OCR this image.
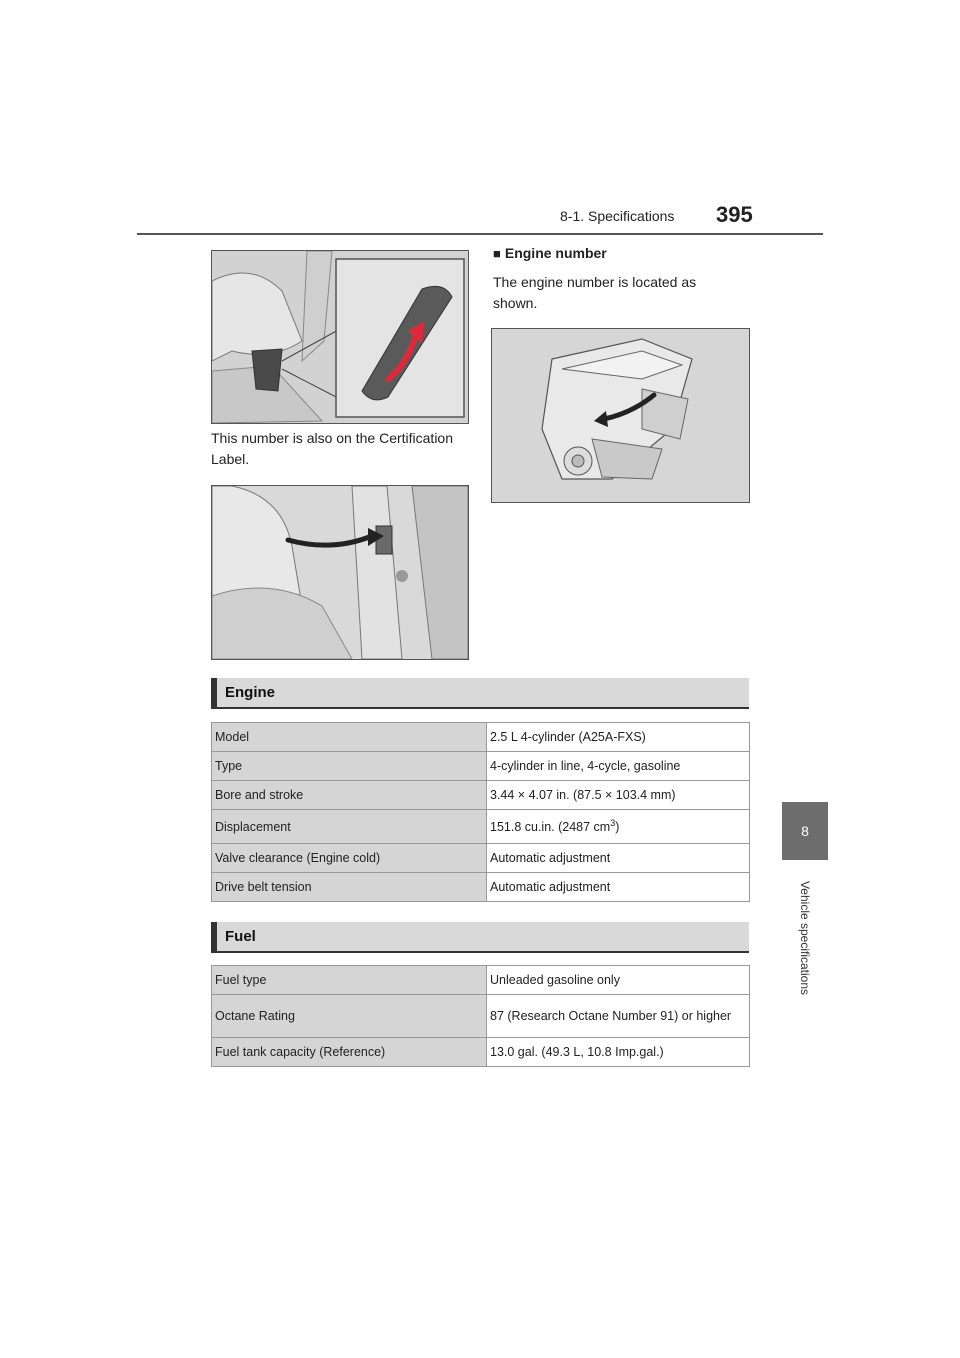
8-1. Specifications 395
8
Vehicle specifications
This number is also on the Certification Label.
■ Engine number
The engine number is located as shown.
Engine
Model	2.5 L 4-cylinder (A25A-FXS)
Type	4-cylinder in line, 4-cycle, gasoline
Bore and stroke	3.44 × 4.07 in. (87.5 × 103.4 mm)
Displacement	151.8 cu.in. (2487 $cm^3$)
Valve clearance (Engine cold)	Automatic adjustment
Drive belt tension	Automatic adjustment
Fuel
Fuel type	Unleaded gasoline only
Octane Rating	87 (Research Octane Number 91) or higher
Fuel tank capacity (Reference)	13.0 gal. (49.3 L, 10.8 Imp.gal.)
